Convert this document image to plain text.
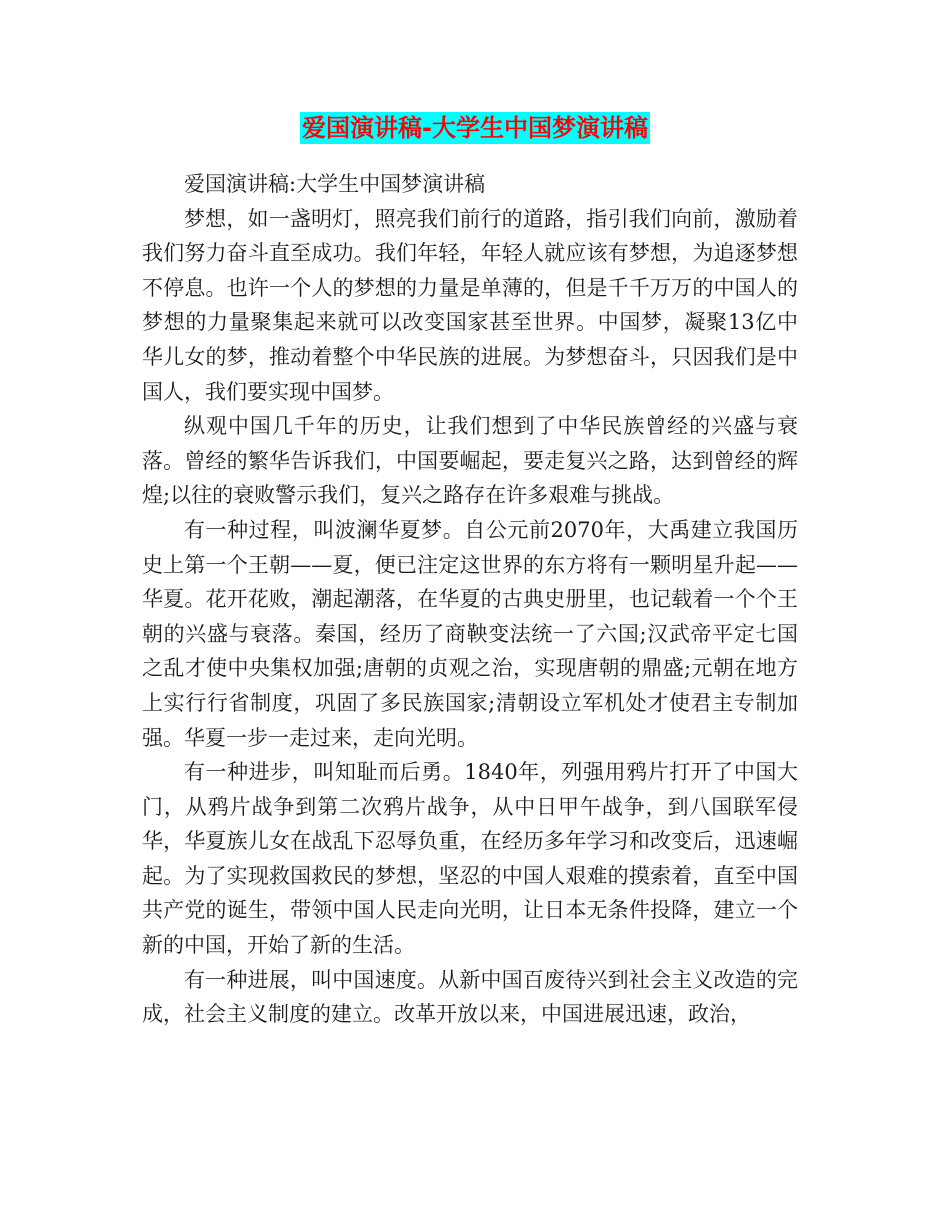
爱国演讲稿-大学生中国梦演讲稿

爱国演讲稿:大学生中国梦演讲稿

梦想，如一盏明灯，照亮我们前行的道路，指引我们向前，激励着我们努力奋斗直至成功。我们年轻，年轻人就应该有梦想，为追逐梦想不停息。也许一个人的梦想的力量是单薄的，但是千千万万的中国人的梦想的力量聚集起来就可以改变国家甚至世界。中国梦，凝聚13亿中华儿女的梦，推动着整个中华民族的进展。为梦想奋斗，只因我们是中国人，我们要实现中国梦。

纵观中国几千年的历史，让我们想到了中华民族曾经的兴盛与衰落。曾经的繁华告诉我们，中国要崛起，要走复兴之路，达到曾经的辉煌;以往的衰败警示我们，复兴之路存在许多艰难与挑战。

有一种过程，叫波澜华夏梦。自公元前2070年，大禹建立我国历史上第一个王朝——夏，便已注定这世界的东方将有一颗明星升起——华夏。花开花败，潮起潮落，在华夏的古典史册里，也记载着一个个王朝的兴盛与衰落。秦国，经历了商鞅变法统一了六国;汉武帝平定七国之乱才使中央集权加强;唐朝的贞观之治，实现唐朝的鼎盛;元朝在地方上实行行省制度，巩固了多民族国家;清朝设立军机处才使君主专制加强。华夏一步一走过来，走向光明。

有一种进步，叫知耻而后勇。1840年，列强用鸦片打开了中国大门，从鸦片战争到第二次鸦片战争，从中日甲午战争，到八国联军侵华，华夏族儿女在战乱下忍辱负重，在经历多年学习和改变后，迅速崛起。为了实现救国救民的梦想，坚忍的中国人艰难的摸索着，直至中国共产党的诞生，带领中国人民走向光明，让日本无条件投降，建立一个新的中国，开始了新的生活。

有一种进展，叫中国速度。从新中国百废待兴到社会主义改造的完成，社会主义制度的建立。改革开放以来，中国进展迅速，政治，
